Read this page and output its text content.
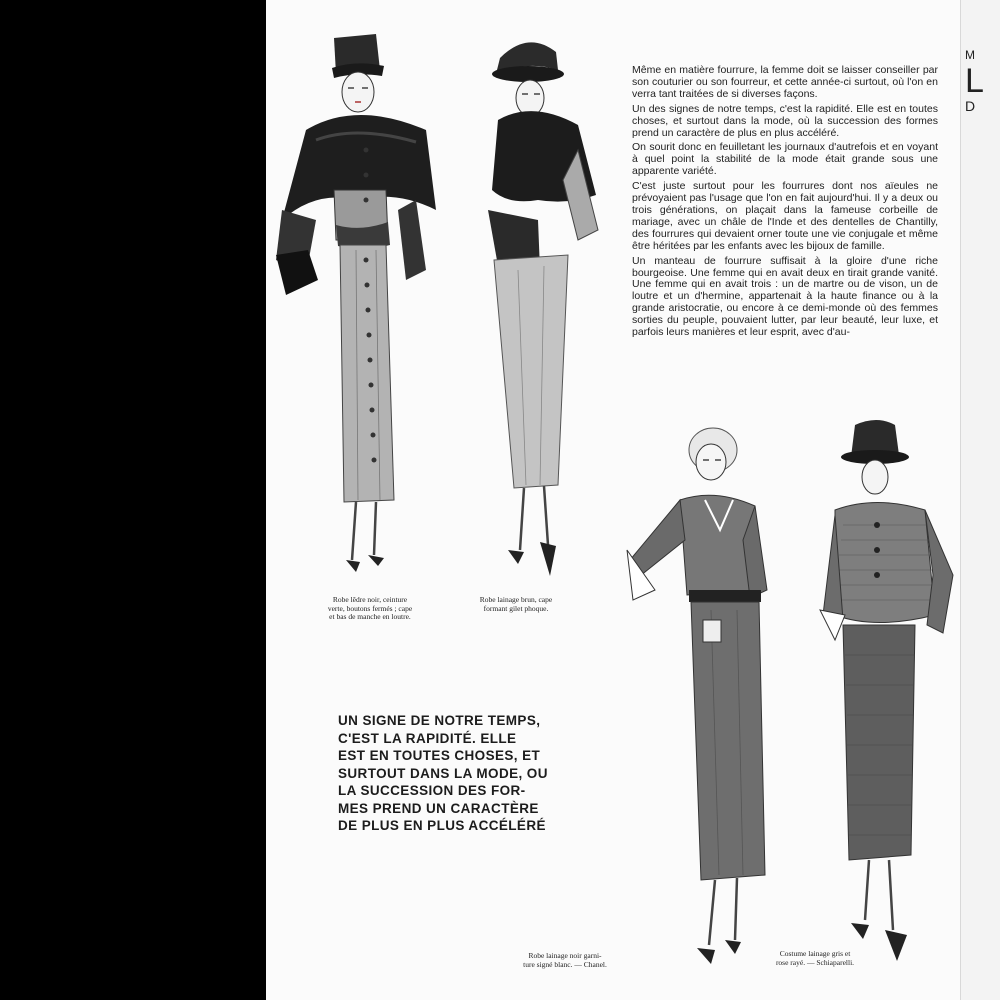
Robe lêdre noir, ceinture
verte, boutons fermés ; cape
et bas de manche en loutre.
Robe lainage brun, cape
formant gilet phoque.
Robe lainage noir garni-
ture signé blanc. — Chanel.
Costume lainage gris et
rose rayé. — Schiaparelli.

Même en matière fourrure, la femme doit se laisser conseiller par son couturier ou son fourreur, et cette année-ci surtout, où l'on en verra tant traitées de si diverses façons.

Un des signes de notre temps, c'est la rapidité. Elle est en toutes choses, et surtout dans la mode, où la succession des formes prend un caractère de plus en plus accéléré.

On sourit donc en feuilletant les journaux d'autrefois et en voyant à quel point la stabilité de la mode était grande sous une apparente variété.

C'est juste surtout pour les fourrures dont nos aïeules ne prévoyaient pas l'usage que l'on en fait aujourd'hui. Il y a deux ou trois générations, on plaçait dans la fameuse corbeille de mariage, avec un châle de l'Inde et des dentelles de Chantilly, des fourrures qui devaient orner toute une vie conjugale et même être héritées par les enfants avec les bijoux de famille.

Un manteau de fourrure suffisait à la gloire d'une riche bourgeoise. Une femme qui en avait deux en tirait grande vanité. Une femme qui en avait trois : un de martre ou de vison, un de loutre et un d'hermine, appartenait à la haute finance ou à la grande aristocratie, ou encore à ce demi-monde où des femmes sorties du peuple, pouvaient lutter, par leur beauté, leur luxe, et parfois leurs manières et leur esprit, avec d'au-

UN SIGNE DE NOTRE TEMPS,
C'EST LA RAPIDITÉ. ELLE
EST EN TOUTES CHOSES, ET
SURTOUT DANS LA MODE, OU
LA SUCCESSION DES FOR-
MES PREND UN CARACTÈRE
DE PLUS EN PLUS ACCÉLÉRÉ
M
L
D
